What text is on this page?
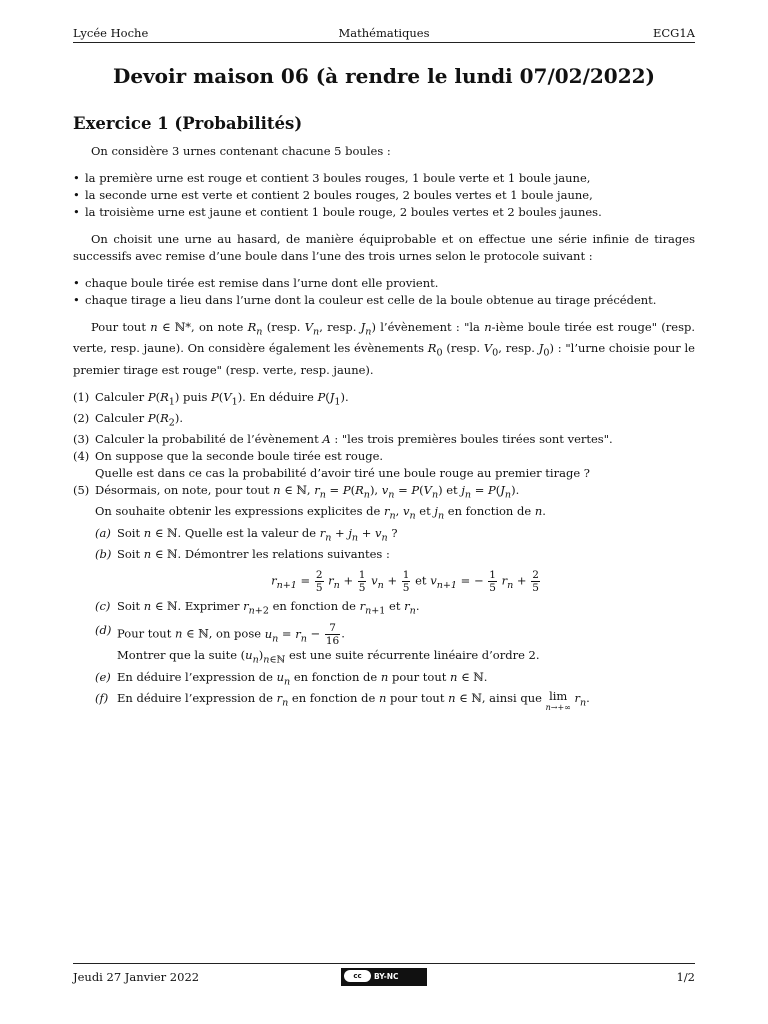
Lycée Hoche	Mathématiques	ECG1A
Devoir maison 06 (à rendre le lundi 07/02/2022)
Exercice 1 (Probabilités)

On considère 3 urnes contenant chacune 5 boules :

• la première urne est rouge et contient 3 boules rouges, 1 boule verte et 1 boule jaune,
• la seconde urne est verte et contient 2 boules rouges, 2 boules vertes et 1 boule jaune,
• la troisième urne est jaune et contient 1 boule rouge, 2 boules vertes et 2 boules jaunes.

On choisit une urne au hasard, de manière équiprobable et on effectue une série infinie de tirages successifs avec remise d’une boule dans l’une des trois urnes selon le protocole suivant :

• chaque boule tirée est remise dans l’urne dont elle provient.
• chaque tirage a lieu dans l’urne dont la couleur est celle de la boule obtenue au tirage précédent.

Pour tout n ∈ ℕ*, on note $R_n$ (resp. $V_n$, resp. $J_n$) l’évènement : "la n-ième boule tirée est rouge" (resp. verte, resp. jaune). On considère également les évènements $R_0$ (resp. $V_0$, resp. $J_0$) : "l’urne choisie pour le premier tirage est rouge" (resp. verte, resp. jaune).

(1) Calculer $P(R_1)$ puis $P(V_1)$. En déduire $P(J_1)$.
(2) Calculer $P(R_2)$.
(3) Calculer la probabilité de l’évènement A : "les trois premières boules tirées sont vertes".
(4) On suppose que la seconde boule tirée est rouge.
Quelle est dans ce cas la probabilité d’avoir tiré une boule rouge au premier tirage ?
(5) Désormais, on note, pour tout n ∈ ℕ, $r_n = P(R_n)$, $v_n = P(V_n)$ et $j_n = P(J_n)$.
On souhaite obtenir les expressions explicites de $r_n$, $v_n$ et $j_n$ en fonction de n.
(a) Soit n ∈ ℕ. Quelle est la valeur de $r_n + j_n + v_n$ ?
(b) Soit n ∈ ℕ. Démontrer les relations suivantes :
$r_{n+1} = \frac{2}{5} r_n + \frac{1}{5} v_n + \frac{1}{5}$ et $v_{n+1}$ = − $\frac{1}{5} r_n + \frac{2}{5}$
(c) Soit n ∈ ℕ. Exprimer $r_{n+2}$ en fonction de $r_{n+1}$ et $r_n$.
(d) Pour tout n ∈ ℕ, on pose $u_n = r_n - \frac{7}{16}$ .
Montrer que la suite $(u_n)_{n\in ℕ}$ est une suite récurrente linéaire d’ordre 2.
(e) En déduire l’expression de $u_n$ en fonction de n pour tout n ∈ ℕ.
(f) En déduire l’expression de $r_n$ en fonction de n pour tout n ∈ ℕ, ainsi que lim
n→+∞
$r_n$.
Jeudi 27 Janvier 2022	cc	BY-NC	1/2
